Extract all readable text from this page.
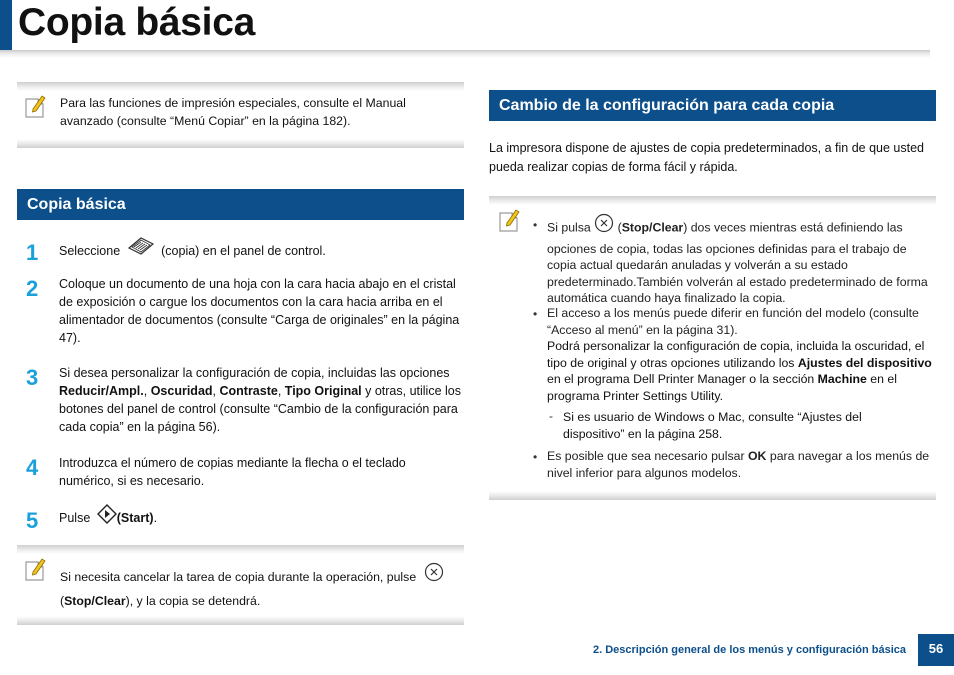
Copia básica
Para las funciones de impresión especiales, consulte el Manual
avanzado (consulte “Menú Copiar” en la página 182).
Copia básica
1 Seleccione	(copia) en el panel de control.
2 Coloque un documento de una hoja con la cara hacia abajo en el cristal de exposición o cargue los documentos con la cara hacia arriba en el alimentador de documentos (consulte “Carga de originales” en la página 47).
3 Si desea personalizar la configuración de copia, incluidas las opciones Reducir/Ampl., Oscuridad, Contraste, Tipo Original y otras, utilice los botones del panel de control (consulte “Cambio de la configuración para cada copia” en la página 56).
4 Introduzca el número de copias mediante la flecha o el teclado numérico, si es necesario.
5 Pulse (Start).
Si necesita cancelar la tarea de copia durante la operación, pulse
(Stop/Clear), y la copia se detendrá.
Cambio de la configuración para cada copia
La impresora dispone de ajustes de copia predeterminados, a fin de que usted pueda realizar copias de forma fácil y rápida.
• Si pulsa (Stop/Clear) dos veces mientras está definiendo las opciones de copia, todas las opciones definidas para el trabajo de copia actual quedarán anuladas y volverán a su estado predeterminado.También volverán al estado predeterminado de forma automática cuando haya finalizado la copia.
• El acceso a los menús puede diferir en función del modelo (consulte “Acceso al menú” en la página 31).
Podrá personalizar la configuración de copia, incluida la oscuridad, el tipo de original y otras opciones utilizando los Ajustes del dispositivo en el programa Dell Printer Manager o la sección Machine en el programa Printer Settings Utility.
- Si es usuario de Windows o Mac, consulte “Ajustes del dispositivo” en la página 258.
• Es posible que sea necesario pulsar OK para navegar a los menús de nivel inferior para algunos modelos.
2. Descripción general de los menús y configuración básica	56
